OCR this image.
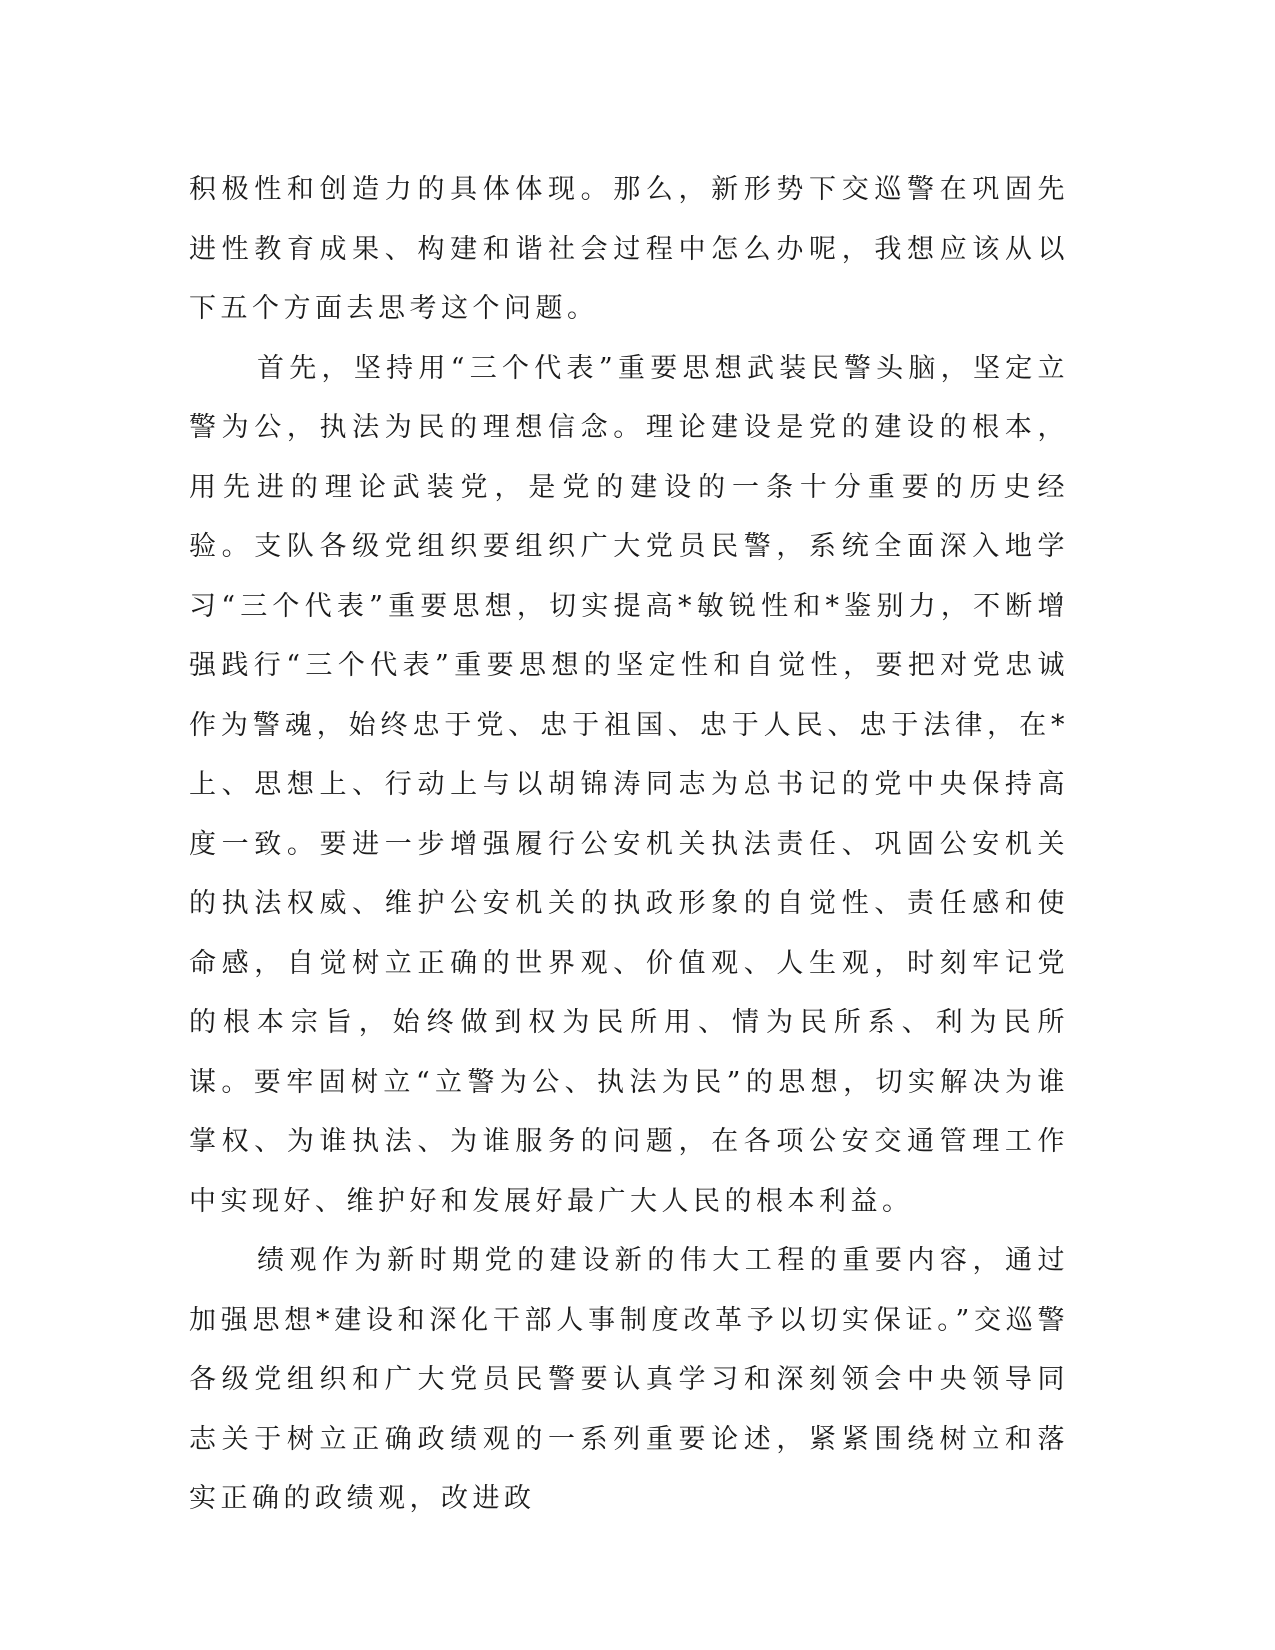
积极性和创造力的具体体现。那么，新形势下交巡警在巩固先进性教育成果、构建和谐社会过程中怎么办呢，我想应该从以下五个方面去思考这个问题。

首先，坚持用“三个代表”重要思想武装民警头脑，坚定立警为公，执法为民的理想信念。理论建设是党的建设的根本，用先进的理论武装党，是党的建设的一条十分重要的历史经验。支队各级党组织要组织广大党员民警，系统全面深入地学习“三个代表”重要思想，切实提高*敏锐性和*鉴别力，不断增强践行“三个代表”重要思想的坚定性和自觉性，要把对党忠诚作为警魂，始终忠于党、忠于祖国、忠于人民、忠于法律，在*上、思想上、行动上与以胡锦涛同志为总书记的党中央保持高度一致。要进一步增强履行公安机关执法责任、巩固公安机关的执法权威、维护公安机关的执政形象的自觉性、责任感和使命感，自觉树立正确的世界观、价值观、人生观，时刻牢记党的根本宗旨，始终做到权为民所用、情为民所系、利为民所谋。要牢固树立“立警为公、执法为民”的思想，切实解决为谁掌权、为谁执法、为谁服务的问题，在各项公安交通管理工作中实现好、维护好和发展好最广大人民的根本利益。

绩观作为新时期党的建设新的伟大工程的重要内容，通过加强思想*建设和深化干部人事制度改革予以切实保证。”交巡警各级党组织和广大党员民警要认真学习和深刻领会中央领导同志关于树立正确政绩观的一系列重要论述，紧紧围绕树立和落实正确的政绩观，改进政
